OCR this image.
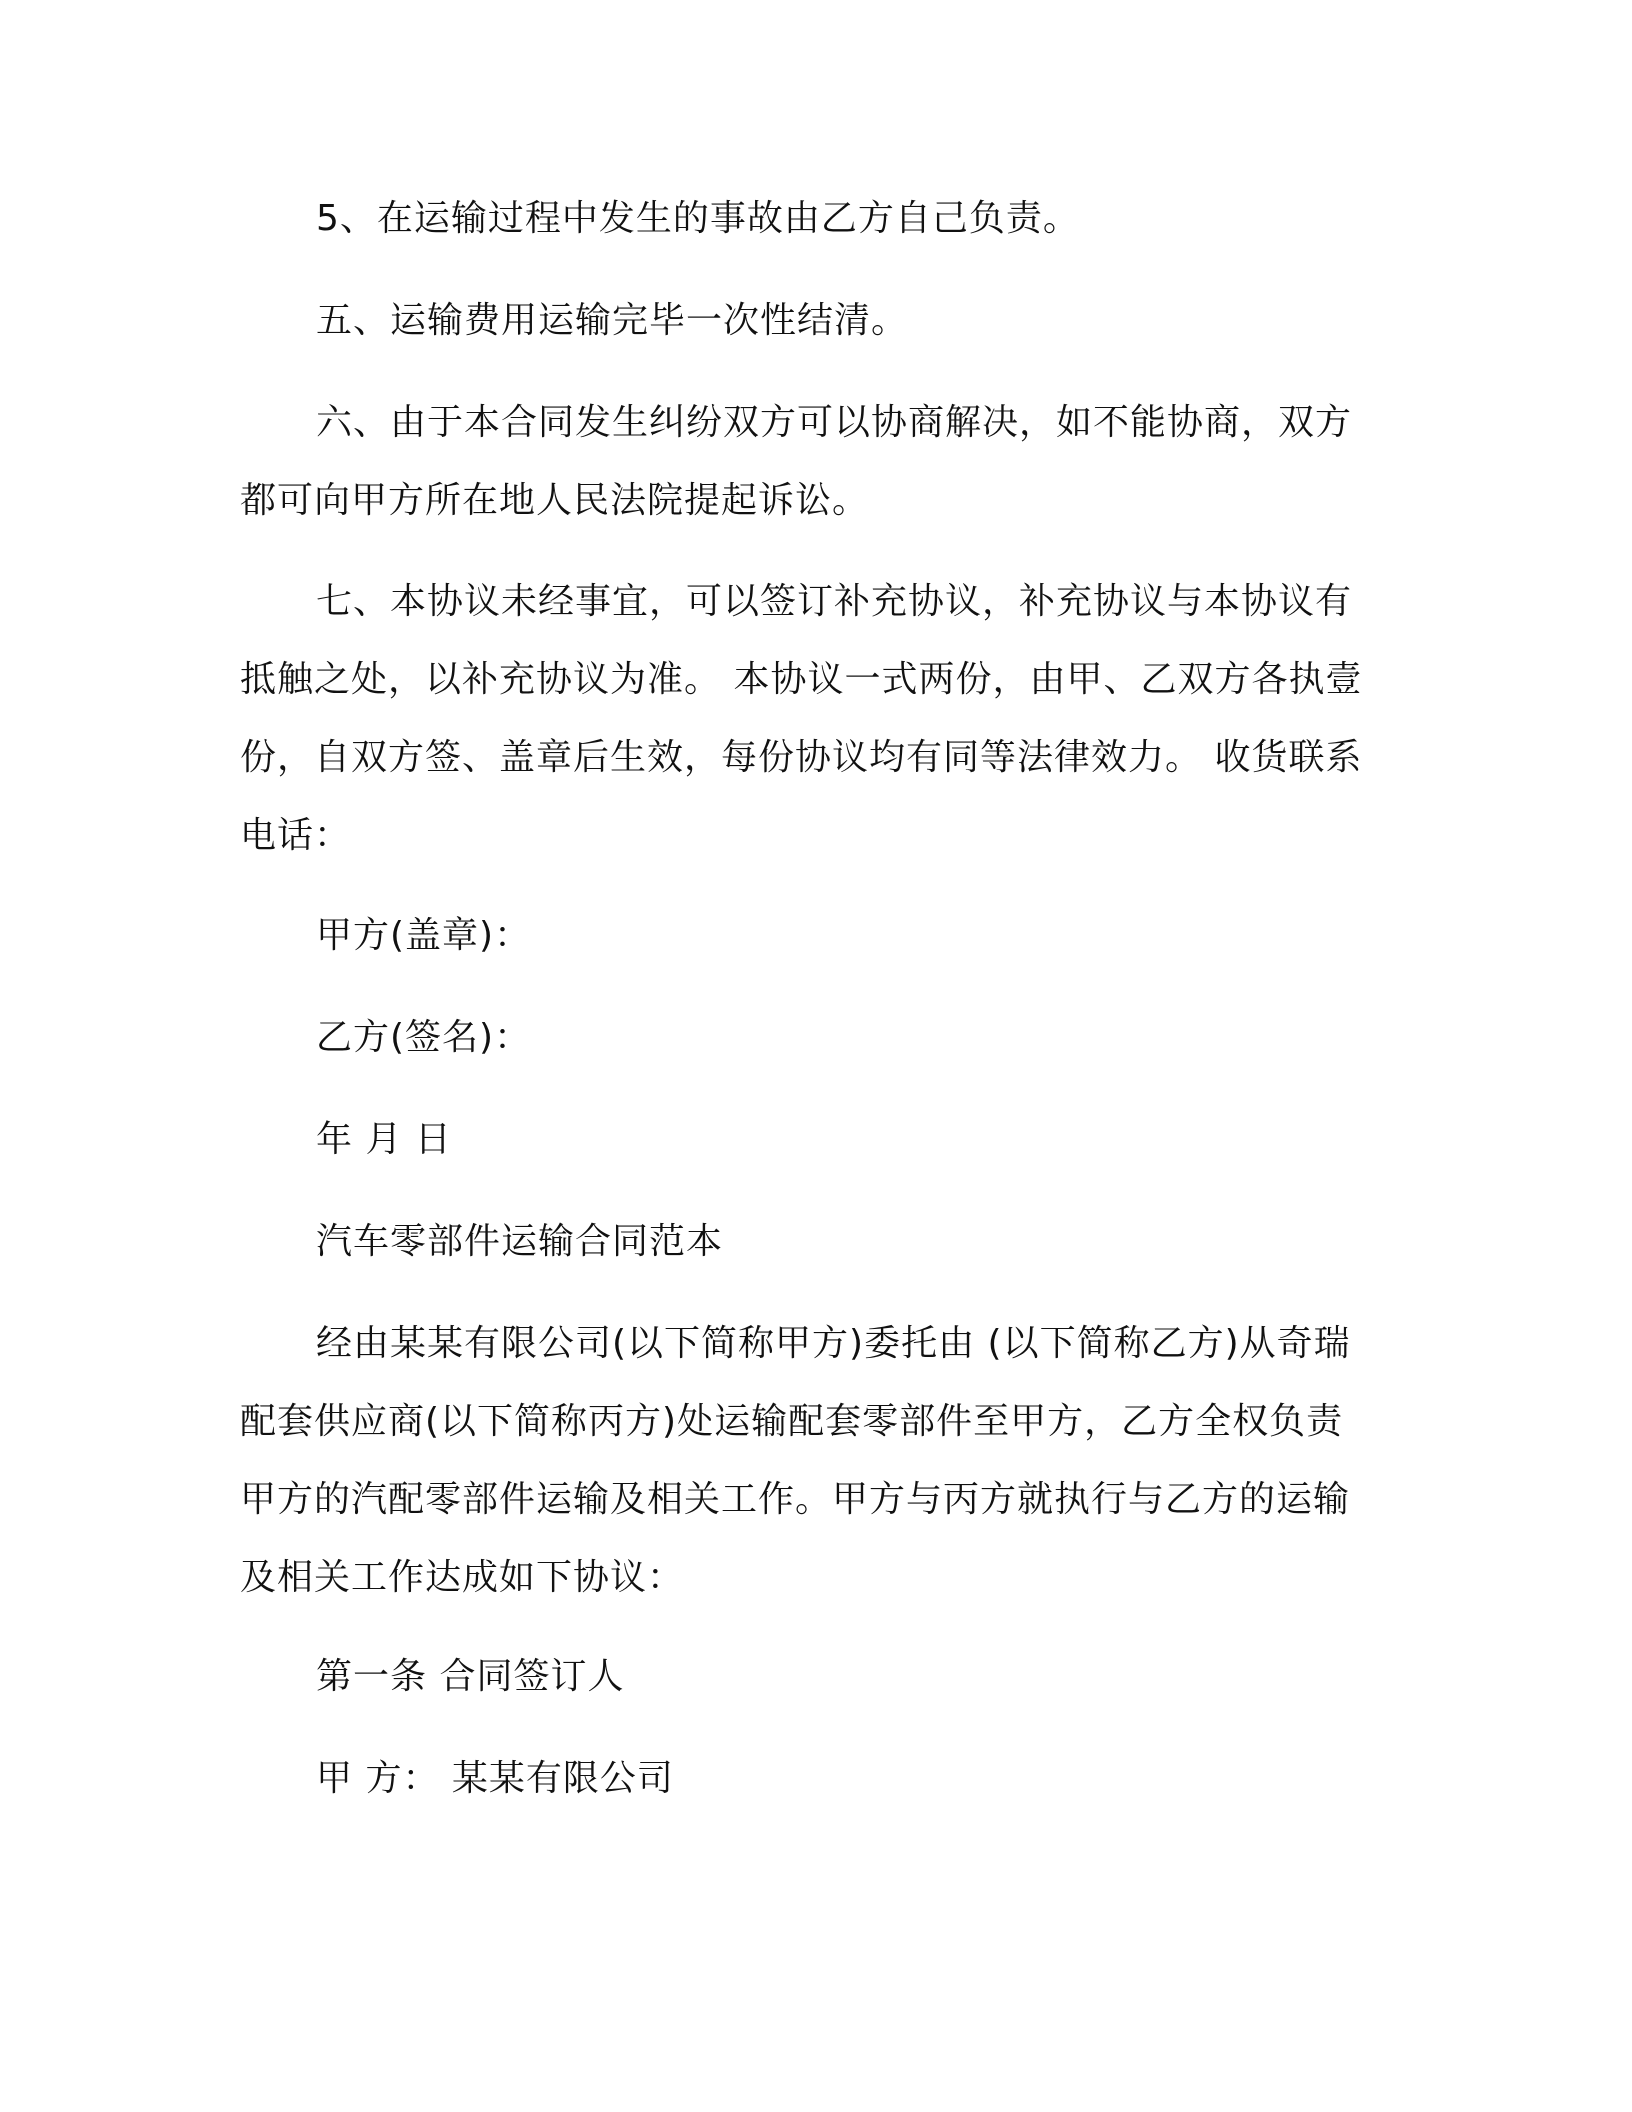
5、在运输过程中发生的事故由乙方自己负责。

五、运输费用运输完毕一次性结清。

六、由于本合同发生纠纷双方可以协商解决，如不能协商，双方都可向甲方所在地人民法院提起诉讼。

七、本协议未经事宜，可以签订补充协议，补充协议与本协议有抵触之处，以补充协议为准。 本协议一式两份，由甲、乙双方各执壹份，自双方签、盖章后生效，每份协议均有同等法律效力。 收货联系电话：

甲方(盖章)：

乙方(签名)：

年 月 日

汽车零部件运输合同范本

经由某某有限公司(以下简称甲方)委托由 (以下简称乙方)从奇瑞配套供应商(以下简称丙方)处运输配套零部件至甲方，乙方全权负责甲方的汽配零部件运输及相关工作。甲方与丙方就执行与乙方的运输及相关工作达成如下协议：

第一条 合同签订人

甲 方： 某某有限公司
